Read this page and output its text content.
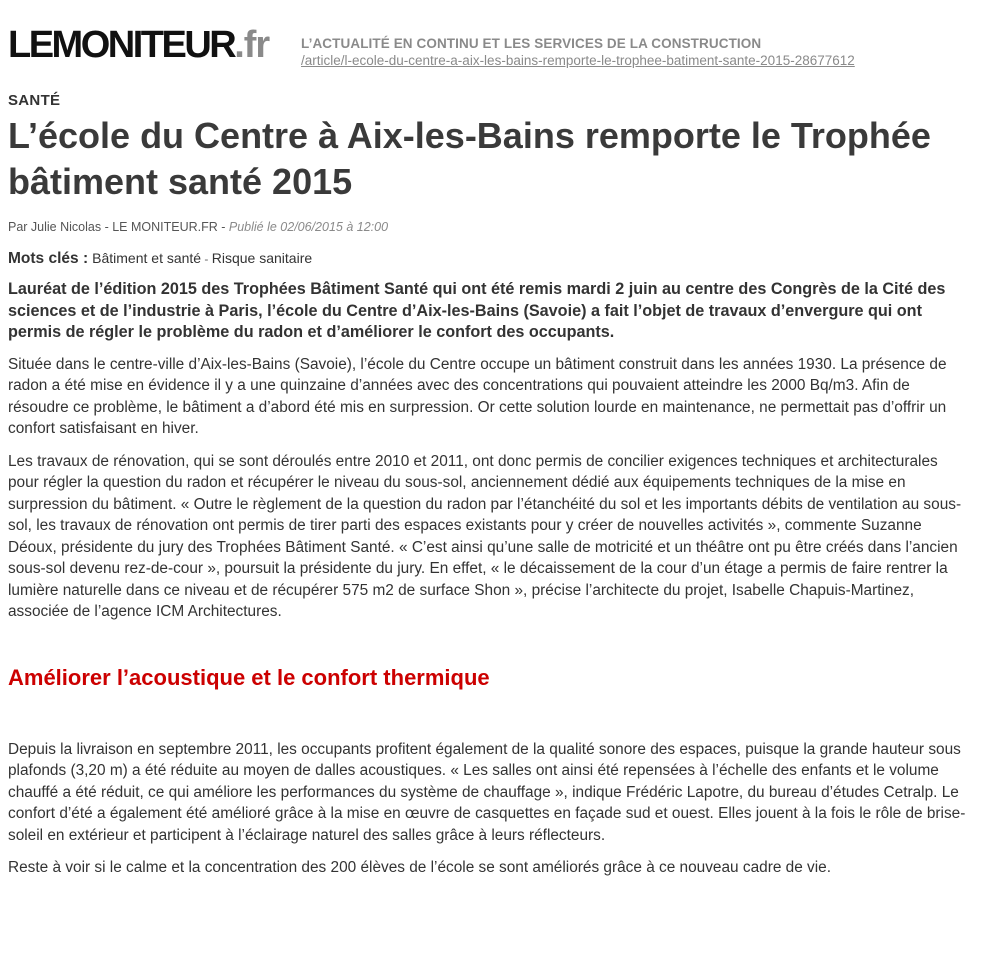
LEMONITEUR.fr L’ACTUALITÉ EN CONTINU ET LES SERVICES DE LA CONSTRUCTION
/article/l-ecole-du-centre-a-aix-les-bains-remporte-le-trophee-batiment-sante-2015-28677612
SANTÉ
L’école du Centre à Aix-les-Bains remporte le Trophée bâtiment santé 2015
Par Julie Nicolas - LE MONITEUR.FR - Publié le 02/06/2015 à 12:00
Mots clés : Bâtiment et santé - Risque sanitaire

Lauréat de l’édition 2015 des Trophées Bâtiment Santé qui ont été remis mardi 2 juin au centre des Congrès de la Cité des sciences et de l’industrie à Paris, l’école du Centre d’Aix-les-Bains (Savoie) a fait l’objet de travaux d’envergure qui ont permis de régler le problème du radon et d’améliorer le confort des occupants.

Située dans le centre-ville d’Aix-les-Bains (Savoie), l’école du Centre occupe un bâtiment construit dans les années 1930. La présence de radon a été mise en évidence il y a une quinzaine d’années avec des concentrations qui pouvaient atteindre les 2000 Bq/m3. Afin de résoudre ce problème, le bâtiment a d’abord été mis en surpression. Or cette solution lourde en maintenance, ne permettait pas d’offrir un confort satisfaisant en hiver.

Les travaux de rénovation, qui se sont déroulés entre 2010 et 2011, ont donc permis de concilier exigences techniques et architecturales pour régler la question du radon et récupérer le niveau du sous-sol, anciennement dédié aux équipements techniques de la mise en surpression du bâtiment. « Outre le règlement de la question du radon par l’étanchéité du sol et les importants débits de ventilation au sous-sol, les travaux de rénovation ont permis de tirer parti des espaces existants pour y créer de nouvelles activités », commente Suzanne Déoux, présidente du jury des Trophées Bâtiment Santé. « C’est ainsi qu’une salle de motricité et un théâtre ont pu être créés dans l’ancien sous-sol devenu rez-de-cour », poursuit la présidente du jury. En effet, « le décaissement de la cour d’un étage a permis de faire rentrer la lumière naturelle dans ce niveau et de récupérer 575 m2 de surface Shon », précise l’architecte du projet, Isabelle Chapuis-Martinez, associée de l’agence ICM Architectures.

Améliorer l’acoustique et le confort thermique

Depuis la livraison en septembre 2011, les occupants profitent également de la qualité sonore des espaces, puisque la grande hauteur sous plafonds (3,20 m) a été réduite au moyen de dalles acoustiques. « Les salles ont ainsi été repensées à l’échelle des enfants et le volume chauffé a été réduit, ce qui améliore les performances du système de chauffage », indique Frédéric Lapotre, du bureau d’études Cetralp. Le confort d’été a également été amélioré grâce à la mise en œuvre de casquettes en façade sud et ouest. Elles jouent à la fois le rôle de brise-soleil en extérieur et participent à l’éclairage naturel des salles grâce à leurs réflecteurs.

Reste à voir si le calme et la concentration des 200 élèves de l’école se sont améliorés grâce à ce nouveau cadre de vie.
